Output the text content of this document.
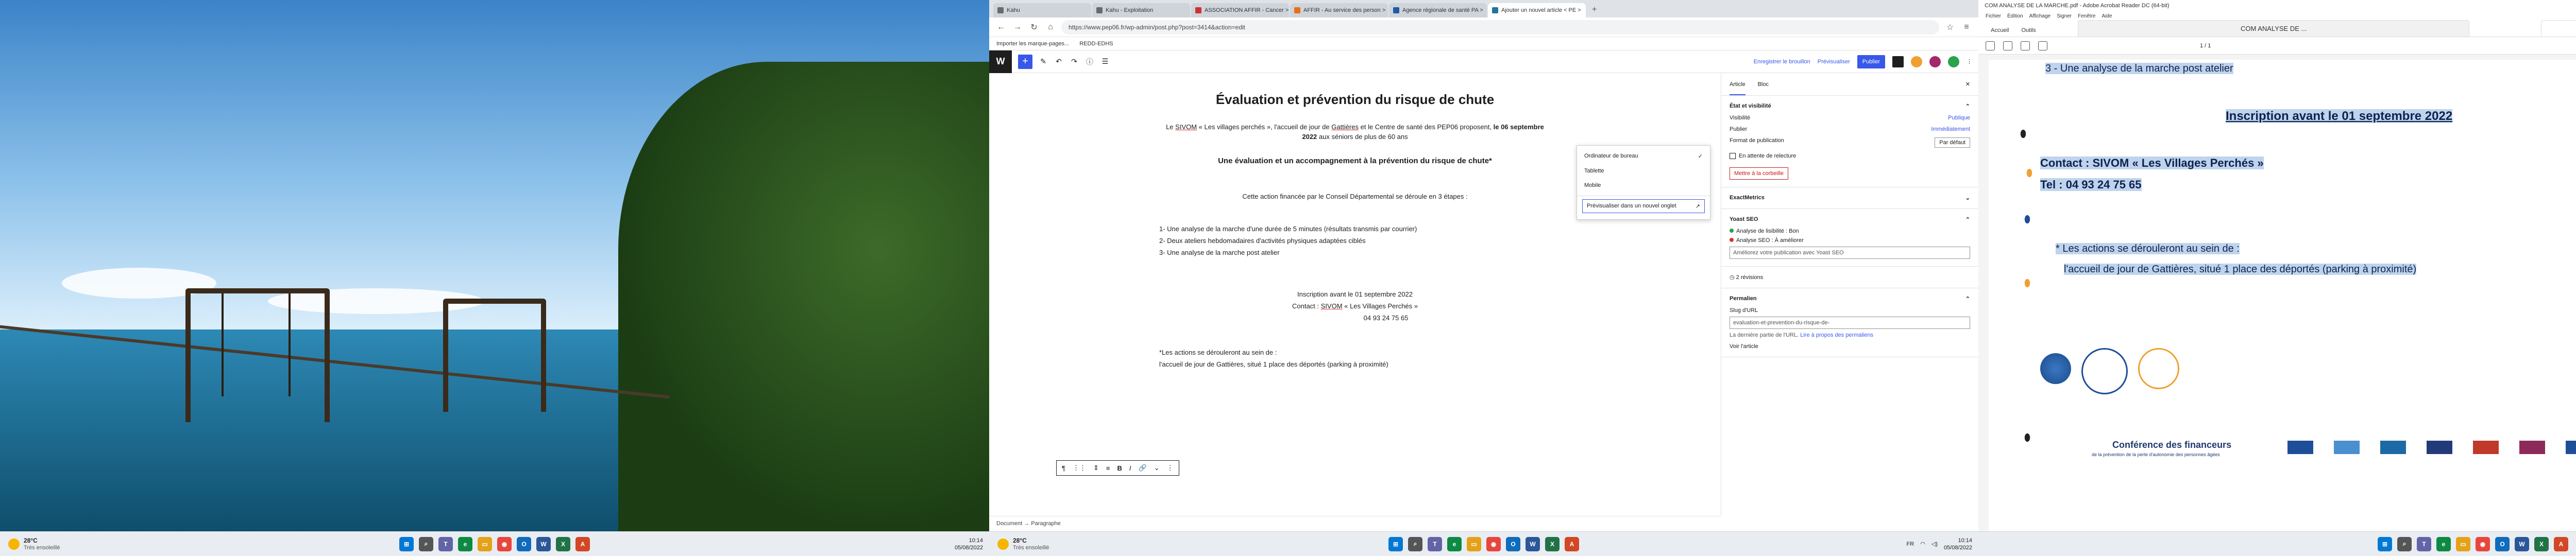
28°C
Très ensoleillé	⊞	⌕	T	e	▭	◉	O	W	X	A	10:14
05/08/2022
Kahu	Kahu - Exploitation	ASSOCIATION AFFIR - Cancer >	AFFIR - Au service des person >	Agence régionale de santé PA >	Ajouter un nouvel article < PE >	+
← → ↻	⌂	https://www.pep06.fr/wp-admin/post.php?post=3414&action=edit	☆	≡
Importer les marque-pages... REDD-EDHS
W	+	✎ ↶ ↷ ⓘ ☰	Enregistrer le brouillon Prévisualiser	Publier	⋮
Évaluation et prévention du risque de chute

Le SIVOM « Les villages perchés », l'accueil de jour de Gattières et le Centre de santé des PEP06 proposent, le 06 septembre 2022 aux séniors de plus de 60 ans

Une évaluation et un accompagnement à la prévention du risque de chute*

Cette action financée par le Conseil Départemental se déroule en 3 étapes :

1- Une analyse de la marche d'une durée de 5 minutes (résultats transmis par courrier)

2- Deux ateliers hebdomadaires d'activités physiques adaptées ciblés

3- Une analyse de la marche post atelier

Inscription avant le 01 septembre 2022

Contact : SIVOM « Les Villages Perchés »

04 93 24 75 65

*Les actions se dérouleront au sein de :

l'accueil de jour de Gattières, situé 1 place des déportés (parking à proximité)

¶ ⋮⋮ ⇕ ≡ B I 🔗 ⌄ ⋮
Ordinateur de bureau	✓
Tablette
Mobile
Prévisualiser dans un nouvel onglet	↗
Article Bloc	✕
État et visibilité	⌃
Visibilité	Publique
Publier	Immédiatement
Format de publication	Par défaut
En attente de relecture
Mettre à la corbeille
ExactMetrics	⌄
Yoast SEO	⌃
Analyse de lisibilité : Bon
Analyse SEO : À améliorer
Améliorez votre publication avec Yoast SEO
◷ 2 révisions
Permalien	⌃
Slug d'URL
evaluation-et-prevention-du-risque-de-
La dernière partie de l'URL. Lire à propos des permaliens
Voir l'article
Document → Paragraphe
28°C
Très ensoleillé	⊞	⌕	T	e	▭	◉	O	W	X	A	FR ◠ ◁)
10:14
05/08/2022
COM ANALYSE DE LA MARCHE.pdf - Adobe Acrobat Reader DC (64-bit)
Fichier Édition Affichage Signer Fenêtre Aide
Accueil	Outils	COM ANALYSE DE ...
1 / 1
3 - Une analyse de la marche post atelier
Inscription avant le 01 septembre 2022
Contact : SIVOM « Les Villages Perchés »
Tel : 04 93 24 75 65
* Les actions se dérouleront au sein de :
l'accueil de jour de Gattières, situé 1 place des déportés (parking à proximité)
Conférence des financeurs
de la prévention de la perte d'autonomie des personnes âgées
⊞	⌕	T	e	▭	◉	O	W	X	A
